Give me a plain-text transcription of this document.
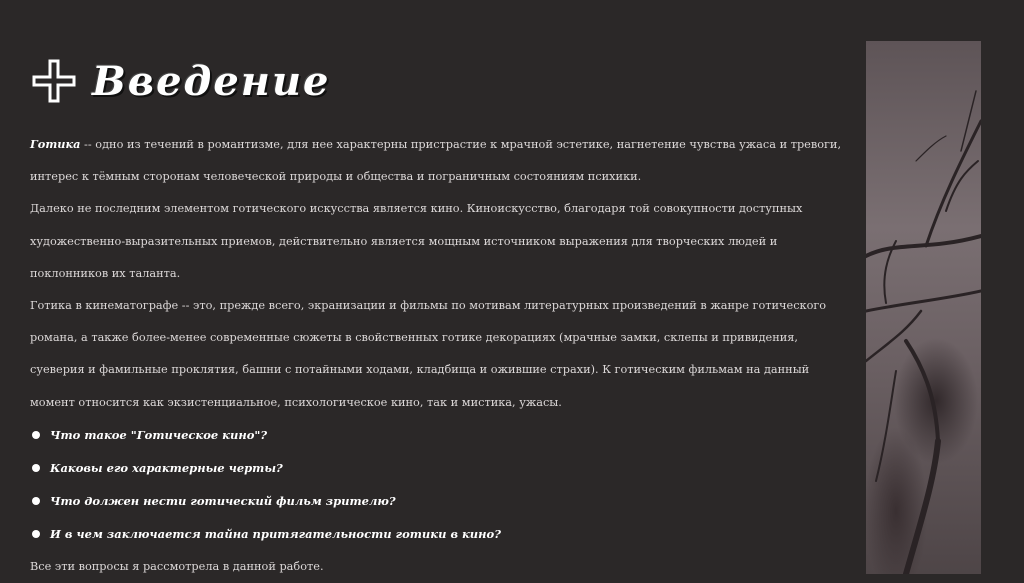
Введение

Готика -- одно из течений в романтизме, для нее характерны пристрастие к мрачной эстетике, нагнетение чувства ужаса и тревоги, интерес к тёмным сторонам человеческой природы и общества и пограничным состояниям психики.

Далеко не последним элементом готического искусства является кино. Киноискусство, благодаря той совокупности доступных художественно-выразительных приемов, действительно является мощным источником выражения для творческих людей и поклонников их таланта.

Готика в кинематографе -- это, прежде всего, экранизации и фильмы по мотивам литературных произведений в жанре готического романа, а также более-менее современные сюжеты в свойственных готике декорациях (мрачные замки, склепы и привидения, суеверия и фамильные проклятия, башни с потайными ходами, кладбища и ожившие страхи). К готическим фильмам на данный момент относится как экзистенциальное, психологическое кино, так и мистика, ужасы.

Что такое "Готическое кино"?
Каковы его характерные черты?
Что должен нести готический фильм зрителю?
И в чем заключается тайна притягательности готики в кино?

Все эти вопросы я рассмотрела в данной работе.
